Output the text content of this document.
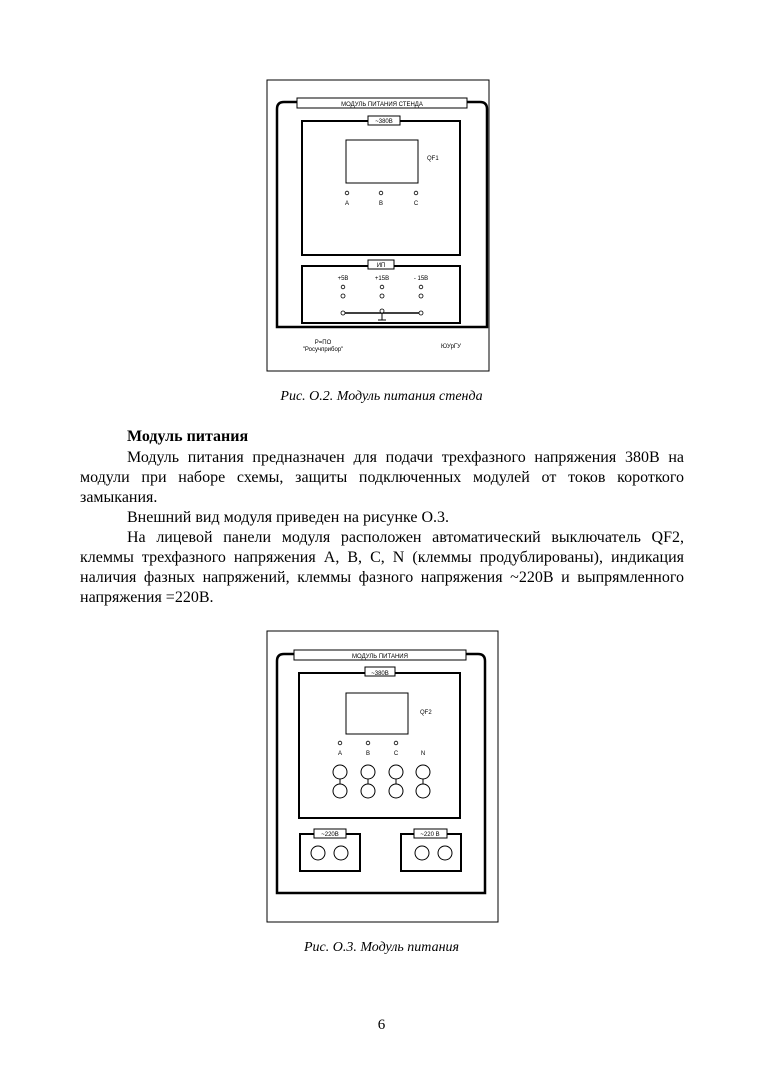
МОДУЛЬ ПИТАНИЯ СТЕНДА
~380В
QF1
A	B	C
ИП
+5В	+15В	- 15В
Р=ПО
"Росучприбор"	ЮУрГУ
МОДУЛЬ ПИТАНИЯ
~380В
QF2
A	B	C	N
~220В	~220 В
Рис. О.2. Модуль питания стенда
Модуль питания
Модуль питания предназначен для подачи трехфазного напряжения 380В на модули при наборе схемы, защиты подключенных модулей от токов короткого замыкания.
Внешний вид модуля приведен на рисунке О.3.
На лицевой панели модуля расположен автоматический выключатель QF2, клеммы трехфазного напряжения A, B, C, N (клеммы продублированы), индикация наличия фазных напряжений, клеммы фазного напряжения ~220В и выпрямленного напряжения =220В.
Рис. О.3. Модуль питания
6
